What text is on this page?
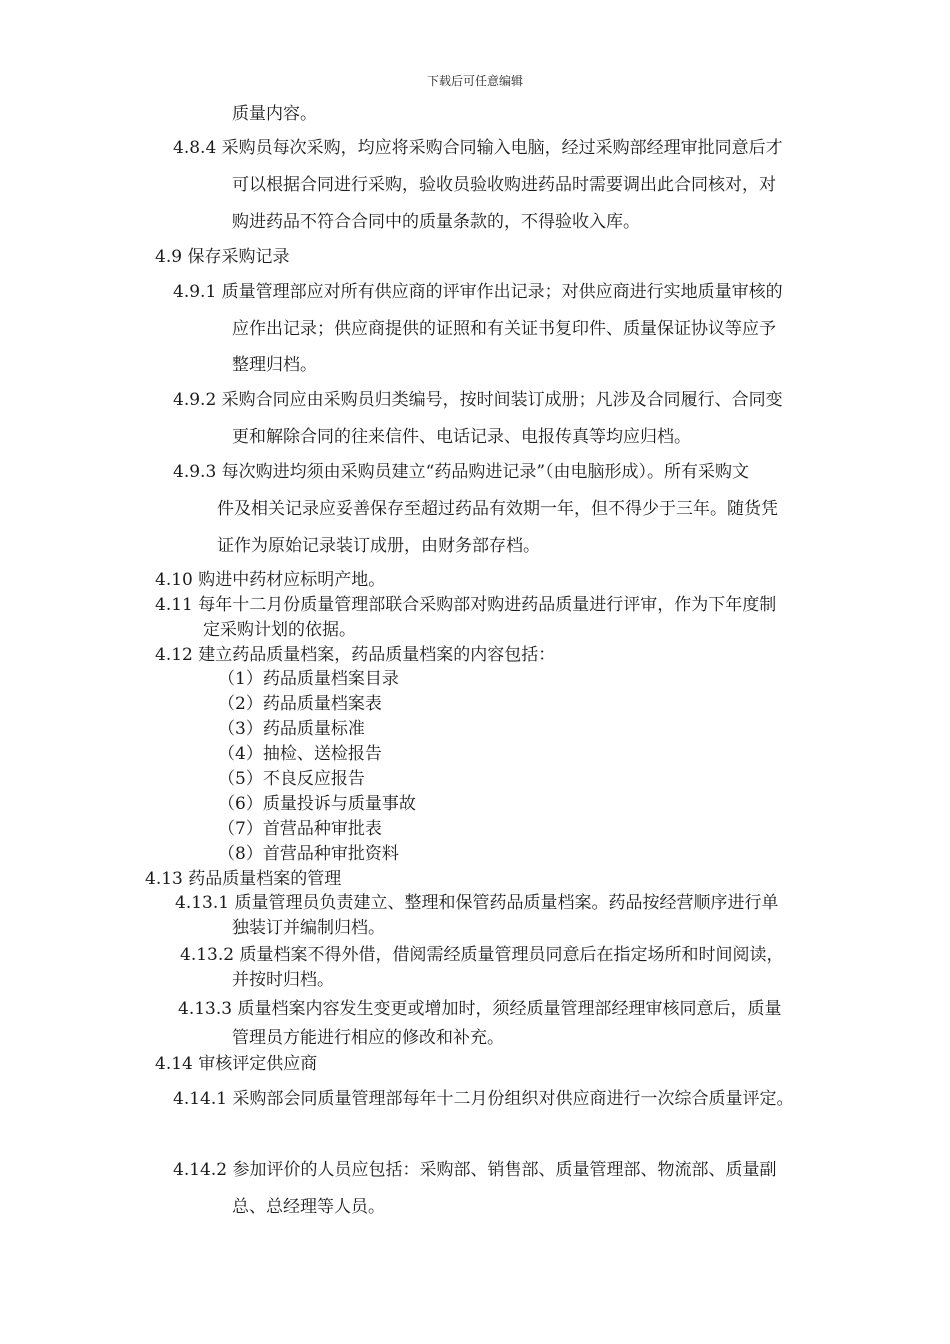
下载后可任意编辑
质量内容。
4.8.4 采购员每次采购，均应将采购合同输入电脑，经过采购部经理审批同意后才
可以根据合同进行采购，验收员验收购进药品时需要调出此合同核对，对
购进药品不符合合同中的质量条款的，不得验收入库。
4.9 保存采购记录
4.9.1 质量管理部应对所有供应商的评审作出记录；对供应商进行实地质量审核的
应作出记录；供应商提供的证照和有关证书复印件、质量保证协议等应予
整理归档。
4.9.2 采购合同应由采购员归类编号，按时间装订成册；凡涉及合同履行、合同变
更和解除合同的往来信件、电话记录、电报传真等均应归档。
4.9.3 每次购进均须由采购员建立“药品购进记录”（由电脑形成）。所有采购文
件及相关记录应妥善保存至超过药品有效期一年，但不得少于三年。随货凭
证作为原始记录装订成册，由财务部存档。
4.10 购进中药材应标明产地。
4.11 每年十二月份质量管理部联合采购部对购进药品质量进行评审，作为下年度制
定采购计划的依据。
4.12 建立药品质量档案，药品质量档案的内容包括：
（1）药品质量档案目录
（2）药品质量档案表
（3）药品质量标准
（4）抽检、送检报告
（5）不良反应报告
（6）质量投诉与质量事故
（7）首营品种审批表
（8）首营品种审批资料
4.13 药品质量档案的管理
4.13.1 质量管理员负责建立、整理和保管药品质量档案。药品按经营顺序进行单
独装订并编制归档。
4.13.2 质量档案不得外借，借阅需经质量管理员同意后在指定场所和时间阅读，
并按时归档。
4.13.3 质量档案内容发生变更或增加时，须经质量管理部经理审核同意后，质量
管理员方能进行相应的修改和补充。
4.14 审核评定供应商
4.14.1 采购部会同质量管理部每年十二月份组织对供应商进行一次综合质量评定。
4.14.2 参加评价的人员应包括：采购部、销售部、质量管理部、物流部、质量副
总、总经理等人员。
